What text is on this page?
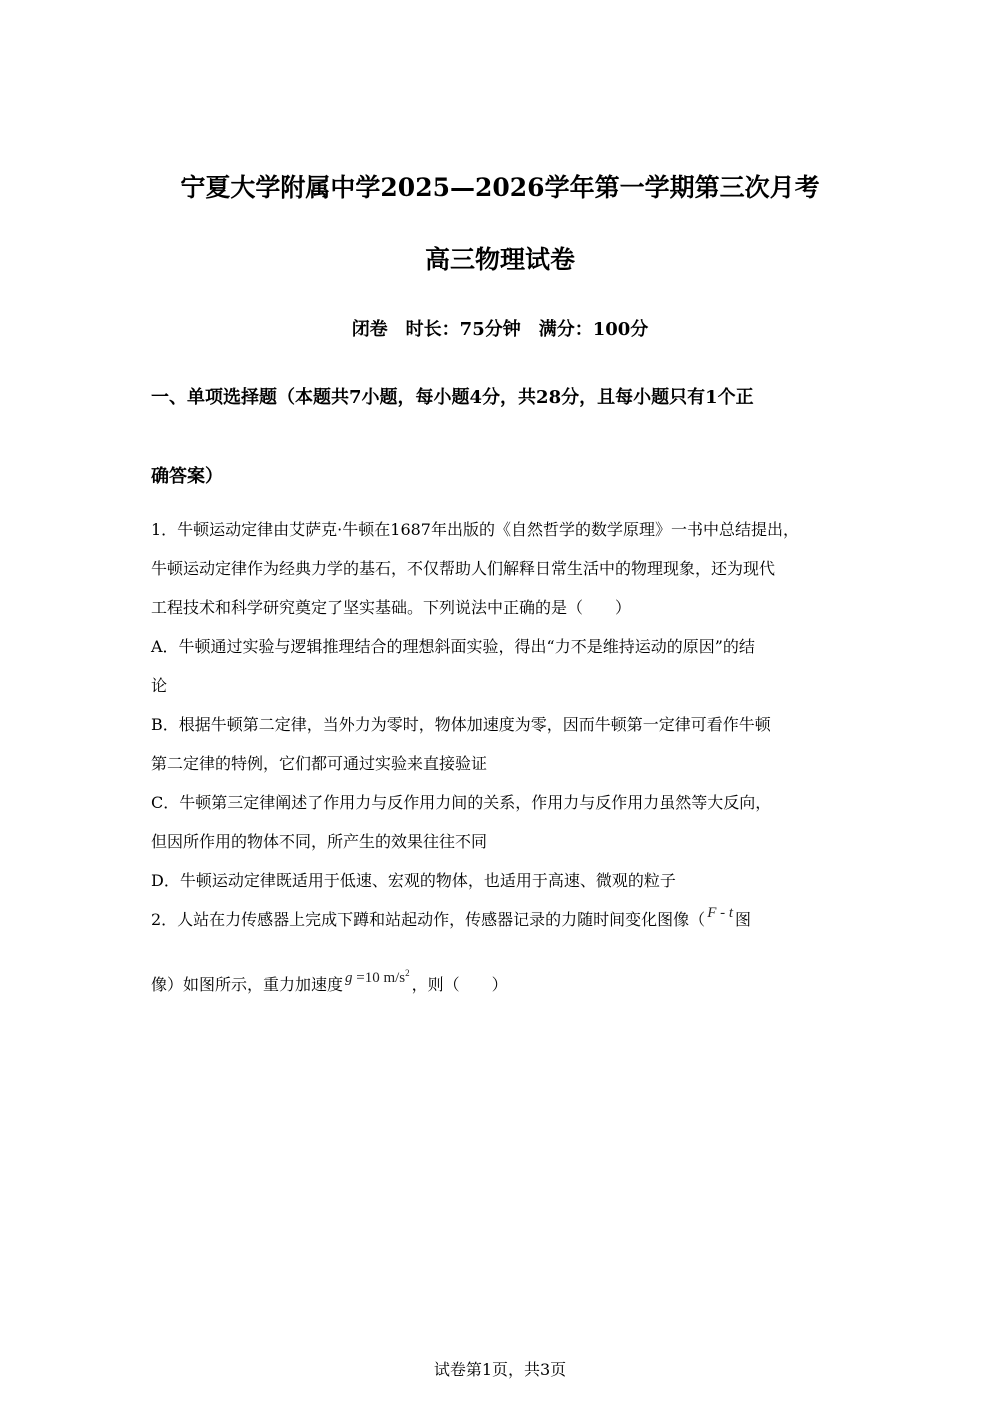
宁夏大学附属中学2025—2026学年第一学期第三次月考

高三物理试卷

闭卷　时长：75分钟　满分：100分

一、单项选择题（本题共7小题，每小题4分，共28分，且每小题只有1个正

确答案）

1．牛顿运动定律由艾萨克·牛顿在1687年出版的《自然哲学的数学原理》一书中总结提出，

牛顿运动定律作为经典力学的基石，不仅帮助人们解释日常生活中的物理现象，还为现代

工程技术和科学研究奠定了坚实基础。下列说法中正确的是（　　）

A．牛顿通过实验与逻辑推理结合的理想斜面实验，得出“力不是维持运动的原因”的结

论

B．根据牛顿第二定律，当外力为零时，物体加速度为零，因而牛顿第一定律可看作牛顿

第二定律的特例，它们都可通过实验来直接验证

C．牛顿第三定律阐述了作用力与反作用力间的关系，作用力与反作用力虽然等大反向，

但因所作用的物体不同，所产生的效果往往不同

D．牛顿运动定律既适用于低速、宏观的物体，也适用于高速、微观的粒子

2．人站在力传感器上完成下蹲和站起动作，传感器记录的力随时间变化图像（ F - t 图

像）如图所示，重力加速度 g =10 $m/s^2$，则（　　）

试卷第1页，共3页
